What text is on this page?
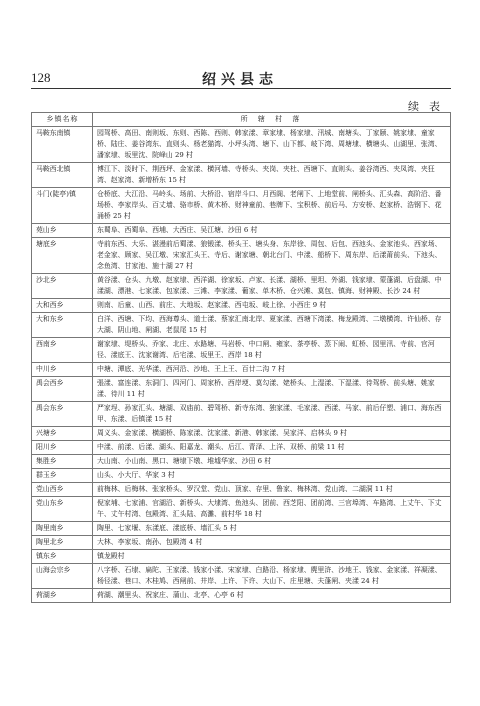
128	绍兴县志
续表
乡镇名称	所 辖 村 落
马鞍东南镇	园驾桥、高田、南则坂、东则、西陈、西则、韩家漾、章家埭、杨家埭、汛城、南塘头、丁家颐、姚家埭、童家桥、陆庄、姜谷湾东、直则头、杨老猫湾、小坪头湾、塘下、山下都、岐下湾、周塘埭、横塘头、山湖里、张湾、潘家埭、坂里沈、院峰山 29 村
马鞍西北镇	博江下、淡时下、荆西坪、金家漾、横河墙、寺桥头、夹岗、夹杜、西塘下、直则头、姜谷湾西、夹凤湾、夹狂湾、赵家湾、新增桥东 15 村
斗门(陡亭)镇	仓桥底、大江沿、马岭头、场前、大桥沿、宿岸斗口、月西阁、老闸下、上地堂前、闸桥头、汇头森、高阶沿、番场桥、李家岸头、百丈墙、骆市桥、黄木桥、财神童前、巷牌下、宝积桥、前后马、方安桥、赵家桥、浩钢下、花涌桥 25 村
苑山乡	东蜀阜、西蜀阜、西埔、大西庄、吴江塘、沙田 6 村
塘底乡	寺前东西、大乐、湛漫前后蜀漾、狼锻漾、桥头王、塘头身、东岸徐、周包、后包、西池头、金家池头、西家场、老金家、顾家、吴江墩、宋家汇头王、寺后、谢家塘、朝北台门、中漾、船桥下、周东岸、后漾莆前头、下池头、念鱼湾、甘家池、施十湖 27 村
沙北乡	黄谷漾、仓头、九墩、赵家埭、西洋湖、徐家坂、卢家、长漾、湖桥、里坦、外湖、钱家埭、蒙蓬湖、后盘湖、中漾湖、漂港、七家漾、包家漾、三滩、李家漾、葡家、单木桥、仓兴滩、莫包、镇海、财神殿、长沙 24 村
大和西乡	则南、后童、山西、前庄、大地坂、赵家漾、西屯坂、岐上徐、小西庄 9 村
大和东乡	白洋、西塘、下均、西海尊头、道士漾、蔡家汇南北岸、夏家漾、西塘下湾漾、梅龙殿湾、二墩横湾、许仙桥、存大湖、阴山地、闸湖、老鼠尾 15 村
西南乡	谢家埭、堤桥头、乔家、北庄、水路塘、马岩桥、中口闸、雍家、茶亭桥、蒸下闹、虹桥、园里汛、寺前、官河径、漾底王、沈家谢湾、后宅漾、坂里王、西岸 18 村
中川乡	中塘、潭底、光华漾、西河沿、沙地、王上王、百廿二沟 7 村
禹会西乡	張漾、富连漾、东洞门、四河门、周家桥、西岸埂、莫勾漾、姥桥头、上湿漾、下湿漾、待驾桥、前头塘、姚家漾、待川 11 村
禹会东乡	严家埕、孙家汇头、塘湖、双庙前、碧驾桥、新寺东湾、独家漾、毛家漾、西漾、马家、前后仔塑、浦口、海东西甲、东漾、后镇漾 15 村
兴塘乡	周义头、金家漾、横湖桥、陈家漾、沈家漾、新港、韩家漾、吴家洋、启林头 9 村
阳川乡	中漾、前漾、后漾、湖头、阳嘉龙、潮头、后江、青泽、上洋、双桥、前梁 11 村
集胜乡	大山南、小山南、黑口、塘埭下墩、堆墟华家、沙田 6 村
群玉乡	山头、小大厅、华家 3 村
党山西乡	前梅林、后梅林、张家桥头、罗汉堂、党山、顶家、存里、鲁家、梅林湾、党山湾、二湖洞 11 村
党山东乡	倪家埔、七家浦、官湖沿、新桥头、大埭湾、鱼池头、团前、西芝阳、团前湾、三官埠湾、车路湾、上丈午、下丈午、丈午村湾、包殿湾、汇头陆、高灘、前村华 18 村
陶里南乡	陶里、七家堰、东漾底、漾底桥、墙汇头 5 村
陶里北乡	大林、李家坂、南孙、包殿湾 4 村
镇东乡	镇龙殿村
山海会宗乡	八字桥、石埭、扁陀、王家漾、钱家小漾、宋家埭、白路沿、杨家埭、麂里浒、沙地王、钱家、金家漾、祥凝漾、杨径漾、巷口、木桂鸠、西闸前、井岸、上许、下许、大山下、庄里塘、夫蓬闸、夹漾 24 村
荷湖乡	荷湖、潮里头、祝家庄、蒲山、北亭、心亭 6 村
